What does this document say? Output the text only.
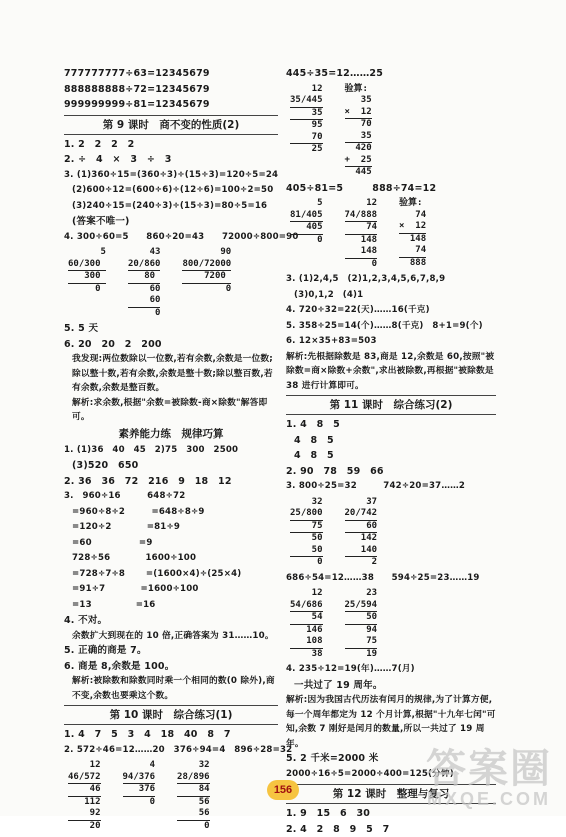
777777777÷63=12345679
888888888÷72=12345679
999999999÷81=12345679
第 9 课时　商不变的性质(2)
1. 2　2　2　2
2. ÷　4　×　3　÷　3
3. (1)360÷15=(360÷3)÷(15÷3)=120÷5=24
(2)600÷12=(600÷6)÷(12÷6)=100÷2=50
(3)240÷15=(240÷3)÷(15÷3)=80÷5=16
(答案不唯一)
4. 300÷60=5　　860÷20=43　　72000÷800=90
5
60/300
300
0
43
20/860
80
60
60
0
90
800/72000
7200
0
5. 5 天
6. 20　20　2　200
我发现:两位数除以一位数,若有余数,余数是一位数;除以整十数,若有余数,余数是整十数;除以整百数,若有余数,余数是整百数。
解析:求余数,根据"余数=被除数-商×除数"解答即可。
素养能力练　规律巧算
1. (1)36　40　45　2)75　300　2500
(3)520　650
2. 36　36　72　216　9　18　12
3.　960÷16　　　648÷72
=960÷8÷2　　　=648÷8÷9
=120÷2　　　　=81÷9
=60　　　　　 =9
728÷56　　　　1600÷100
=728÷7÷8　　 =(1600×4)÷(25×4)
=91÷7　　　　=1600÷100
=13　　　　　=16
4. 不对。
余数扩大到现在的 10 倍,正确答案为 31……10。
5. 正确的商是 7。
6. 商是 8,余数是 100。
解析:被除数和除数同时乘一个相同的数(0 除外),商不变,余数也要乘这个数。
第 10 课时　综合练习(1)
1. 4　7　5　3　4　18　40　8　7
2. 572÷46=12……20　376÷94=4　896÷28=32
12
46/572
46
112
92
20
4
94/376
376
0
32
28/896
84
56
56
0
445÷35=12……25
12
35/445
35
95
70
25
验算:
35
×  12
70
35
420
+  25
445
405÷81=5　　　888÷74=12
5
81/405
405
0
12
74/888
74
148
148
0
验算:
74
×  12
148
74
888
3. (1)2,4,5　(2)1,2,3,4,5,6,7,8,9
(3)0,1,2　(4)1
4. 720÷32=22(天)……16(千克)
5. 358÷25=14(个)……8(千克)　8+1=9(个)
6. 12×35+83=503
解析:先根据除数是 83,商是 12,余数是 60,按照"被除数=商×除数+余数",求出被除数,再根据"被除数是 38 进行计算即可。
第 11 课时　综合练习(2)
1. 4　8　5
4　8　5
4　8　5
2. 90　78　59　66
3. 800÷25=32　　　742÷20=37……2
32
25/800
75
50
50
0
37
20/742
60
142
140
2
686÷54=12……38　　594÷25=23……19
12
54/686
54
146
108
38
23
25/594
50
94
75
19
4. 235÷12=19(年)……7(月)
一共过了 19 周年。
解析:因为我国古代历法有闰月的规律,为了计算方便,每一个周年都定为 12 个月计算,根据"十九年七闰"可知,余数 7 刚好是闰月的数量,所以一共过了 19 周年。
5. 2 千米=2000 米
2000÷16÷5=2000÷400=125(分钟)
第 12 课时　整理与复习
1. 9　15　6　30
2. 4　2　8　9　5　7
156	答案圈
MXQE.COM
